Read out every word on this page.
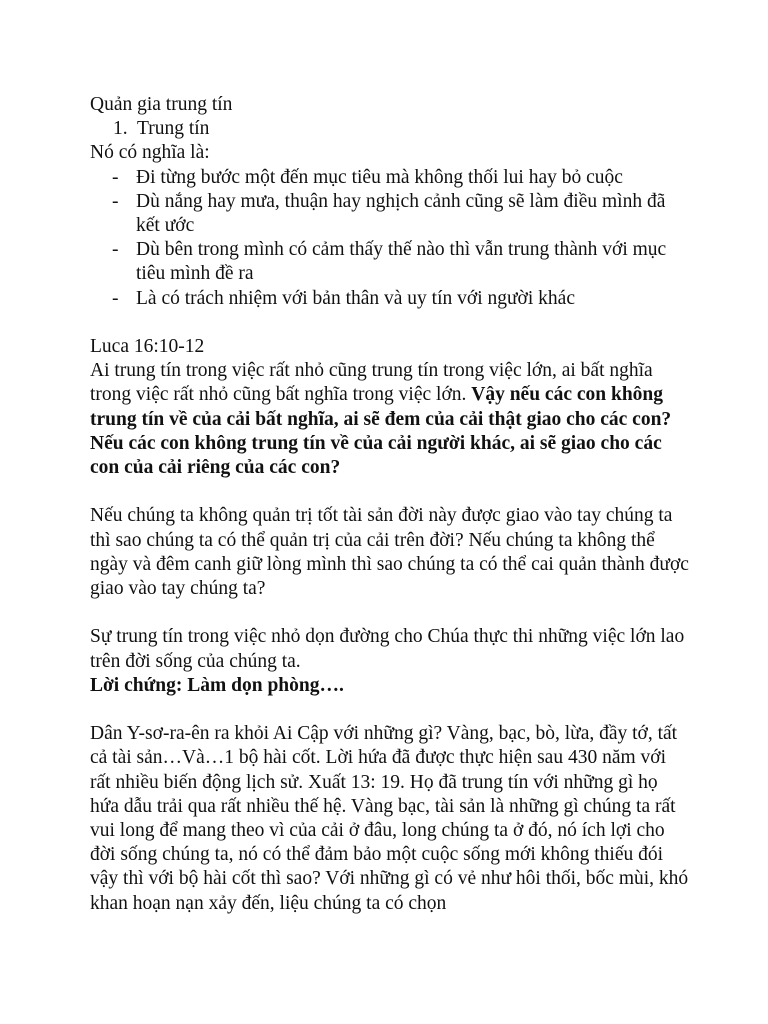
Quản gia trung tín

1. Trung tín

Nó có nghĩa là:

- Đi từng bước một đến mục tiêu mà không thối lui hay bỏ cuộc

- Dù nắng hay mưa, thuận hay nghịch cảnh cũng sẽ làm điều mình đã kết ước

- Dù bên trong mình có cảm thấy thế nào thì vẫn trung thành với mục tiêu mình đề ra

- Là có trách nhiệm với bản thân và uy tín với người khác

Luca 16:10-12

Ai trung tín trong việc rất nhỏ cũng trung tín trong việc lớn, ai bất nghĩa trong việc rất nhỏ cũng bất nghĩa trong việc lớn. Vậy nếu các con không trung tín về của cải bất nghĩa, ai sẽ đem của cải thật giao cho các con? Nếu các con không trung tín về của cải người khác, ai sẽ giao cho các con của cải riêng của các con?

Nếu chúng ta không quản trị tốt tài sản đời này được giao vào tay chúng ta thì sao chúng ta có thể quản trị của cải trên đời? Nếu chúng ta không thể ngày và đêm canh giữ lòng mình thì sao chúng ta có thể cai quản thành được giao vào tay chúng ta?

Sự trung tín trong việc nhỏ dọn đường cho Chúa thực thi những việc lớn lao trên đời sống của chúng ta.

Lời chứng: Làm dọn phòng….

Dân Y-sơ-ra-ên ra khỏi Ai Cập với những gì? Vàng, bạc, bò, lừa, đầy tớ, tất cả tài sản…Và…1 bộ hài cốt. Lời hứa đã được thực hiện sau 430 năm với rất nhiều biến động lịch sử. Xuất 13: 19. Họ đã trung tín với những gì họ hứa dẫu trải qua rất nhiều thế hệ. Vàng bạc, tài sản là những gì chúng ta rất vui long để mang theo vì của cải ở đâu, long chúng ta ở đó, nó ích lợi cho đời sống chúng ta, nó có thể đảm bảo một cuộc sống mới không thiếu đói vậy thì với bộ hài cốt thì sao? Với những gì có vẻ như hôi thối, bốc mùi, khó khan hoạn nạn xảy đến, liệu chúng ta có chọn
